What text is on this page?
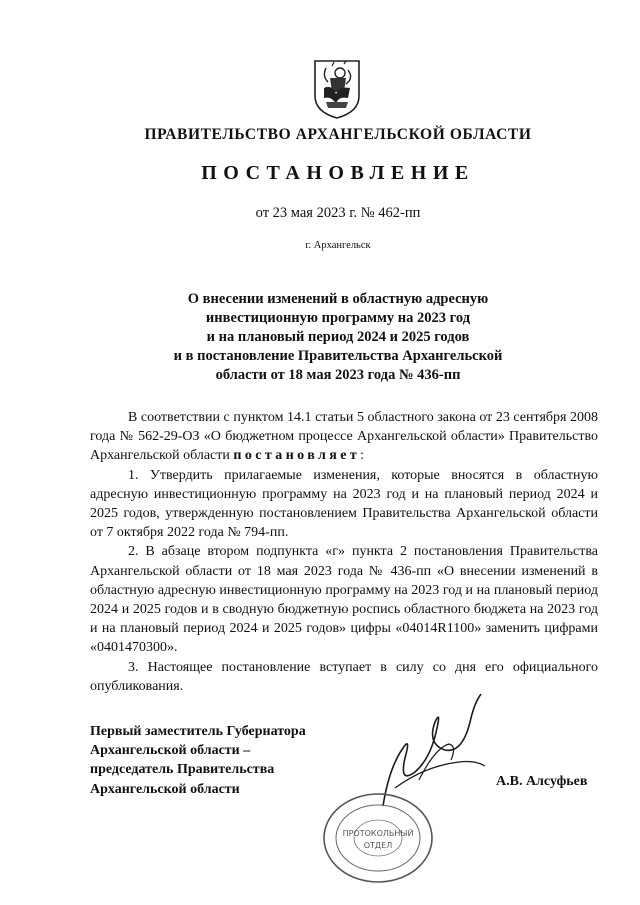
ПРАВИТЕЛЬСТВО АРХАНГЕЛЬСКОЙ ОБЛАСТИ
ПОСТАНОВЛЕНИЕ
от 23 мая 2023 г. № 462-пп
г. Архангельск
О внесении изменений в областную адресную
инвестиционную программу на 2023 год
и на плановый период 2024 и 2025 годов
и в постановление Правительства Архангельской
области от 18 мая 2023 года № 436-пп

В соответствии с пунктом 14.1 статьи 5 областного закона от 23 сентября 2008 года № 562-29-ОЗ «О бюджетном процессе Архангельской области» Правительство Архангельской области постановляет:

1. Утвердить прилагаемые изменения, которые вносятся в областную адресную инвестиционную программу на 2023 год и на плановый период 2024 и 2025 годов, утвержденную постановлением Правительства Архангельской области от 7 октября 2022 года № 794-пп.

2. В абзаце втором подпункта «г» пункта 2 постановления Правительства Архангельской области от 18 мая 2023 года № 436-пп «О внесении изменений в областную адресную инвестиционную программу на 2023 год и на плановый период 2024 и 2025 годов и в сводную бюджетную роспись областного бюджета на 2023 год и на плановый период 2024 и 2025 годов» цифры «04014R1100» заменить цифрами «0401470300».

3. Настоящее постановление вступает в силу со дня его официального опубликования.

Первый заместитель Губернатора
Архангельской области –
председатель Правительства
Архангельской области
А.В. Алсуфьев
ПРОТОКОЛЬНЫЙ
ОТДЕЛ
